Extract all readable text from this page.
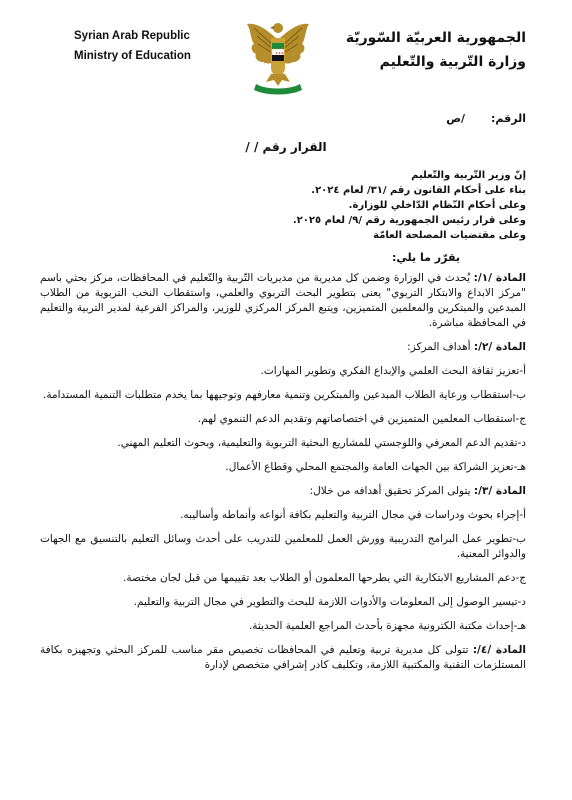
Syrian Arab Republic
Ministry of Education	★★★
الجمهورية العربيّة السّوريّة
وزارة التّربية والتّعليم
الرقم:/ص
القرار رقم / /

إنّ وزير التّربية والتّعليم

بناء على أحكام القانون رقم /٣١/ لعام ٢٠٢٤.

وعلى أحكام النّظام الدّاخلي للوزارة.

وعلى قرار رئيس الجمهورية رقم /٩/ لعام ٢٠٢٥.

وعلى مقتضيات المصلحة العامّة

يقرّر ما يلي:

المادة /١/: يُحدث في الوزارة وضمن كل مديرية من مديريات التّربية والتّعليم في المحافظات، مركز بحثي باسم "مركز الابداع والابتكار التربوي" يعنى بتطوير البحث التربوي والعلمي، واستقطاب النخب التربوية من الطلاب المبدعين والمبتكرين والمعلمين المتميزين، ويتبع المركز المركزي للوزير، والمراكز الفرعية لمدير التربية والتعليم في المحافظة مباشرة.

المادة /٢/: أهداف المركز:

أ-تعزيز ثقافة البحث العلمي والإبداع الفكري وتطوير المهارات.

ب-استقطاب ورعاية الطلاب المبدعين والمبتكرين وتنمية معارفهم وتوجيهها بما يخدم متطلبات التنمية المستدامة.

ج-استقطاب المعلمين المتميزين في اختصاصاتهم وتقديم الدعم التنموي لهم.

د-تقديم الدعم المعرفي واللوجستي للمشاريع البحثية التربوية والتعليمية، وبحوث التعليم المهني.

هـ-تعزيز الشراكة بين الجهات العامة والمجتمع المحلي وقطاع الأعمال.

المادة /٣/: يتولى المركز تحقيق أهدافه من خلال:

أ-إجراء بحوث ودراسات في مجال التربية والتعليم بكافة أنواعه وأنماطه وأساليبه.

ب-تطوير عمل البرامج التدريبية وورش العمل للمعلمين للتدريب على أحدث وسائل التعليم بالتنسيق مع الجهات والدوائر المعنية.

ج-دعم المشاريع الابتكارية التي يطرحها المعلمون أو الطلاب بعد تقييمها من قبل لجان مختصة.

د-تيسير الوصول إلى المعلومات والأدوات اللازمة للبحث والتطوير في مجال التربية والتعليم.

هـ-إحداث مكتبة الكترونية مجهزة بأحدث المراجع العلمية الحديثة.

المادة /٤/: تتولى كل مديرية تربية وتعليم في المحافظات تخصيص مقر مناسب للمركز البحثي وتجهيزه بكافة المستلزمات التقنية والمكتبية اللازمة، وتكليف كادر إشرافي متخصص لإدارة
